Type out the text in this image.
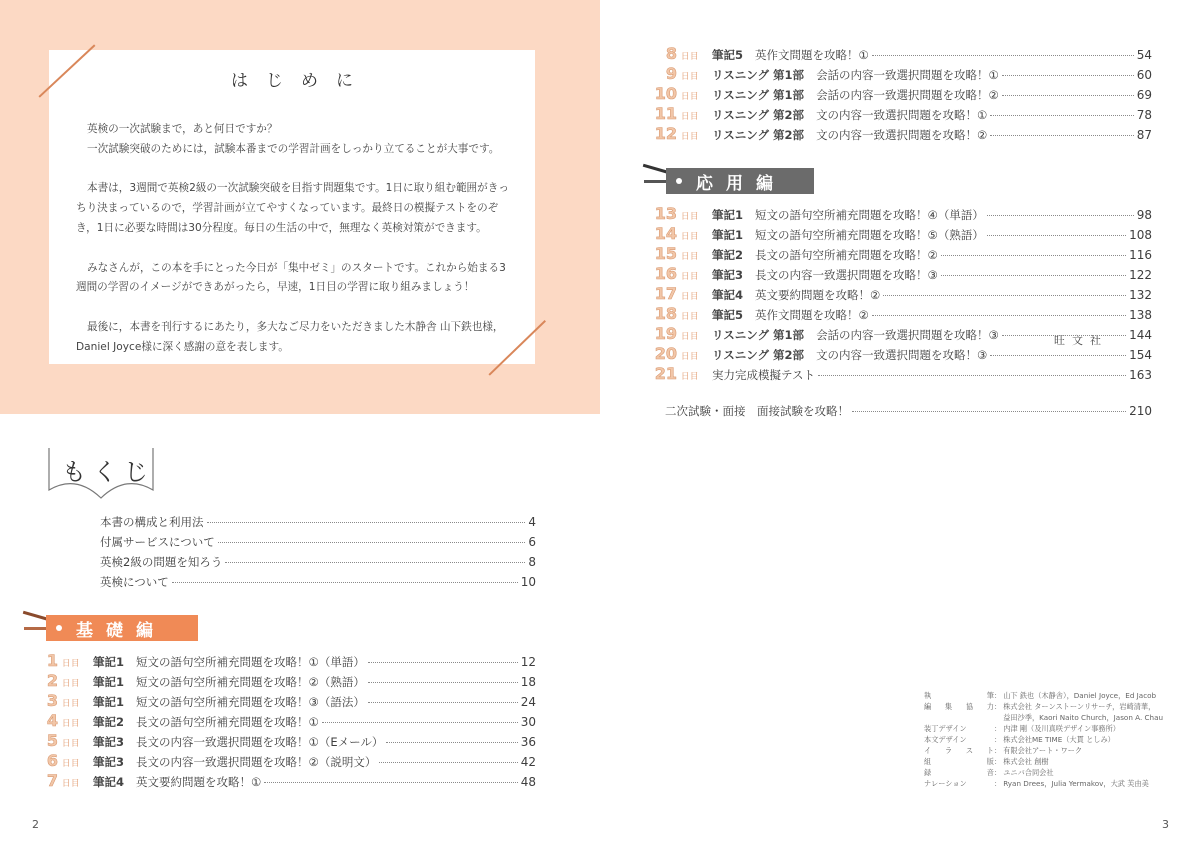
はじめに

英検の一次試験まで，あと何日ですか？
一次試験突破のためには，試験本番までの学習計画をしっかり立てることが大事です。

本書は，3週間で英検2級の一次試験突破を目指す問題集です。1日に取り組む範囲がきっちり決まっているので，学習計画が立てやすくなっています。最終日の模擬テストをのぞき，1日に必要な時間は30分程度。毎日の生活の中で，無理なく英検対策ができます。

みなさんが，この本を手にとった今日が「集中ゼミ」のスタートです。これから始まる3週間の学習のイメージができあがったら，早速，1日目の学習に取り組みましょう！

最後に，本書を刊行するにあたり，多大なご尽力をいただきました木静舎 山下鉄也様，Daniel Joyce様に深く感謝の意を表します。	旺文社
もくじ
本書の構成と利用法	4
付属サービスについて	6
英検2級の問題を知ろう	8
英検について	10
基礎編
1 日目 筆記1 短文の語句空所補充問題を攻略！①（単語）	12
2 日目 筆記1 短文の語句空所補充問題を攻略！②（熟語）	18
3 日目 筆記1 短文の語句空所補充問題を攻略！③（語法）	24
4 日目 筆記2 長文の語句空所補充問題を攻略！①	30
5 日目 筆記3 長文の内容一致選択問題を攻略！①（Eメール）	36
6 日目 筆記3 長文の内容一致選択問題を攻略！②（説明文）	42
7 日目 筆記4 英文要約問題を攻略！①	48
2
8 日目 筆記5 英作文問題を攻略！①	54
9 日目 リスニング 第1部 会話の内容一致選択問題を攻略！①	60
10 日目 リスニング 第1部 会話の内容一致選択問題を攻略！②	69
11 日目 リスニング 第2部 文の内容一致選択問題を攻略！①	78
12 日目 リスニング 第2部 文の内容一致選択問題を攻略！②	87
応用編
13 日目 筆記1 短文の語句空所補充問題を攻略！④（単語）	98
14 日目 筆記1 短文の語句空所補充問題を攻略！⑤（熟語）	108
15 日目 筆記2 長文の語句空所補充問題を攻略！②	116
16 日目 筆記3 長文の内容一致選択問題を攻略！③	122
17 日目 筆記4 英文要約問題を攻略！②	132
18 日目 筆記5 英作文問題を攻略！②	138
19 日目 リスニング 第1部 会話の内容一致選択問題を攻略！③	144
20 日目 リスニング 第2部 文の内容一致選択問題を攻略！③	154
21 日目 実力完成模擬テスト	163
二次試験・面接　面接試験を攻略！	210
執	筆 ： 山下 鉄也（木静舎），Daniel Joyce，Ed Jacob
編 集 協 力 ： 株式会社 ターンストーンリサーチ，岩崎清華，

益田沙季，Kaori Naito Church，Jason A. Chau
装丁デザイン	： 内津 剛（及川真咲デザイン事務所）
本文デザイン	： 株式会社ME TIME（大貫 としみ）
イ ラ ス ト ： 有限会社アート・ワーク
組	版 ： 株式会社 創樹
録	音 ： ユニバ合同会社
ナレーション	： Ryan Drees，Julia Yermakov，大武 芙由美
3
